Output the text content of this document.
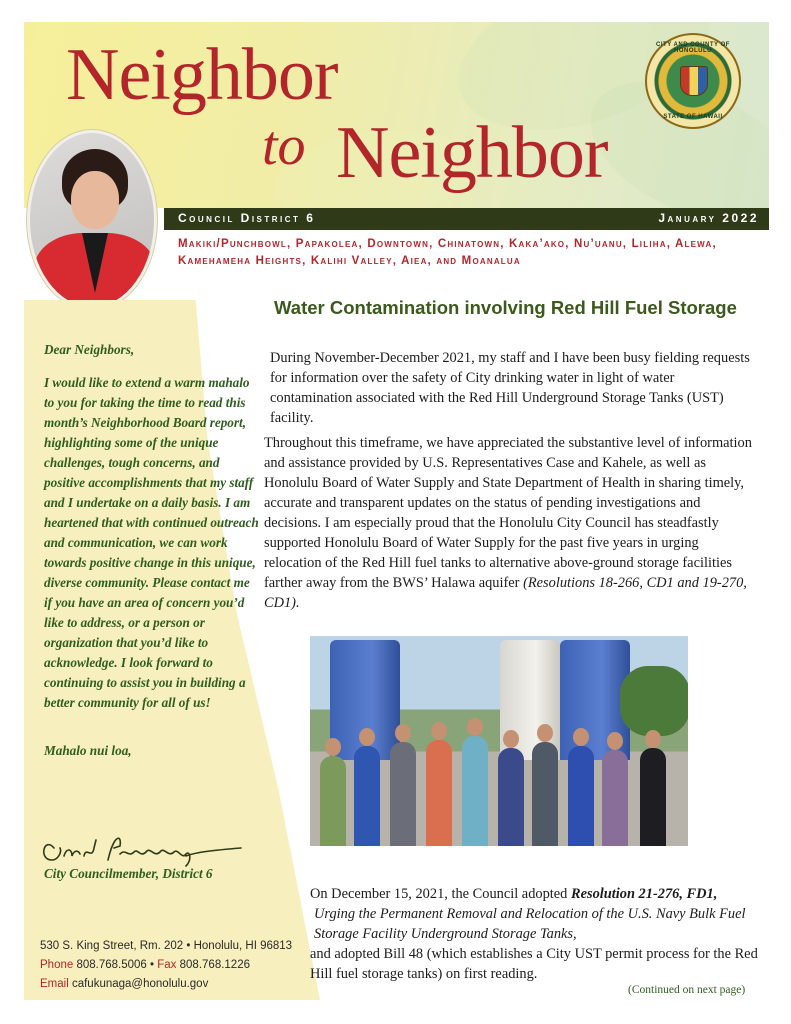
Neighbor
to Neighbor
CITY AND COUNTY OF HONOLULU
STATE OF HAWAII
Council District 6	January 2022
Makiki/Punchbowl, Papakolea, Downtown, Chinatown, Kaka’ako, Nu’uanu, Liliha, Alewa, Kamehameha Heights, Kalihi Valley, Aiea, and Moanalua
Dear Neighbors,
I would like to extend a warm mahalo to you for taking the time to read this month’s Neighborhood Board report, highlighting some of the unique challenges, tough concerns, and positive accomplishments that my staff and I undertake on a daily basis. I am heartened that with continued outreach and communication, we can work towards positive change in this unique, diverse community. Please contact me if you have an area of concern you’d like to address, or a person or organization that you’d like to acknowledge. I look forward to continuing to assist you in building a better community for all of us!
Mahalo nui loa,
City Councilmember, District 6
530 S. King Street, Rm. 202 • Honolulu, HI 96813
Phone 808.768.5006 • Fax 808.768.1226
Email cafukunaga@honolulu.gov
Water Contamination involving Red Hill Fuel Storage
During November-December 2021, my staff and I have been busy fielding requests for information over the safety of City drinking water in light of water contamination associated with the Red Hill Underground Storage Tanks (UST) facility.
Throughout this timeframe, we have appreciated the substantive level of information and assistance provided by U.S. Representatives Case and Kahele, as well as Honolulu Board of Water Supply and State Department of Health in sharing timely, accurate and transparent updates on the status of pending investigations and decisions. I am especially proud that the Honolulu City Council has steadfastly supported Honolulu Board of Water Supply for the past five years in urging relocation of the Red Hill fuel tanks to alternative above-ground storage facilities farther away from the BWS’ Halawa aquifer (Resolutions 18-266, CD1 and 19-270, CD1).
On December 15, 2021, the Council adopted Resolution 21-276, FD1,
Urging the Permanent Removal and Relocation of the U.S. Navy Bulk Fuel Storage Facility Underground Storage Tanks,
and adopted Bill 48 (which establishes a City UST permit process for the Red Hill fuel storage tanks) on first reading.
(Continued on next page)
